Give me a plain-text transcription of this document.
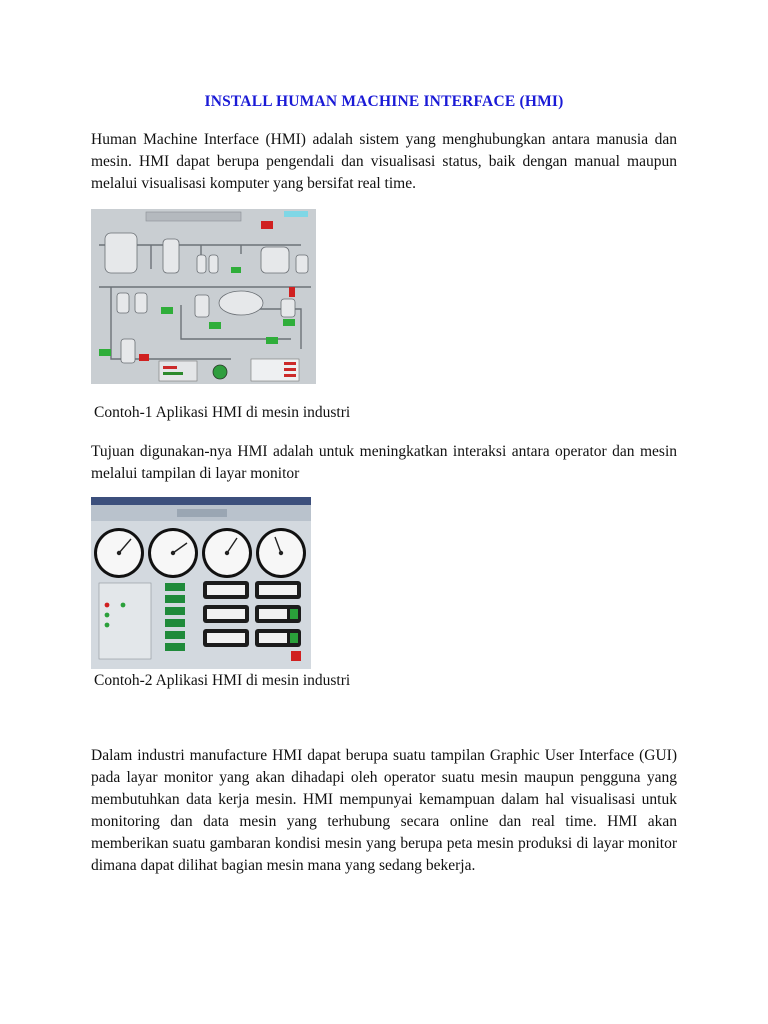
INSTALL HUMAN MACHINE INTERFACE (HMI)

Human Machine Interface (HMI) adalah sistem yang menghubungkan antara manusia dan mesin. HMI dapat berupa pengendali dan visualisasi status, baik dengan manual maupun melalui visualisasi komputer yang bersifat real time.

Contoh-1 Aplikasi HMI di mesin industri

Tujuan digunakan-nya HMI adalah untuk meningkatkan interaksi antara operator dan mesin melalui tampilan di layar monitor

Contoh-2 Aplikasi HMI di mesin industri

Dalam industri manufacture HMI dapat berupa suatu tampilan Graphic User Interface (GUI) pada layar monitor yang akan dihadapi oleh operator suatu mesin maupun pengguna yang membutuhkan data kerja mesin. HMI mempunyai kemampuan dalam hal visualisasi untuk monitoring dan data mesin yang terhubung secara online dan real time. HMI akan memberikan suatu gambaran kondisi mesin yang berupa peta mesin produksi di layar monitor dimana dapat dilihat bagian mesin mana yang sedang bekerja.
